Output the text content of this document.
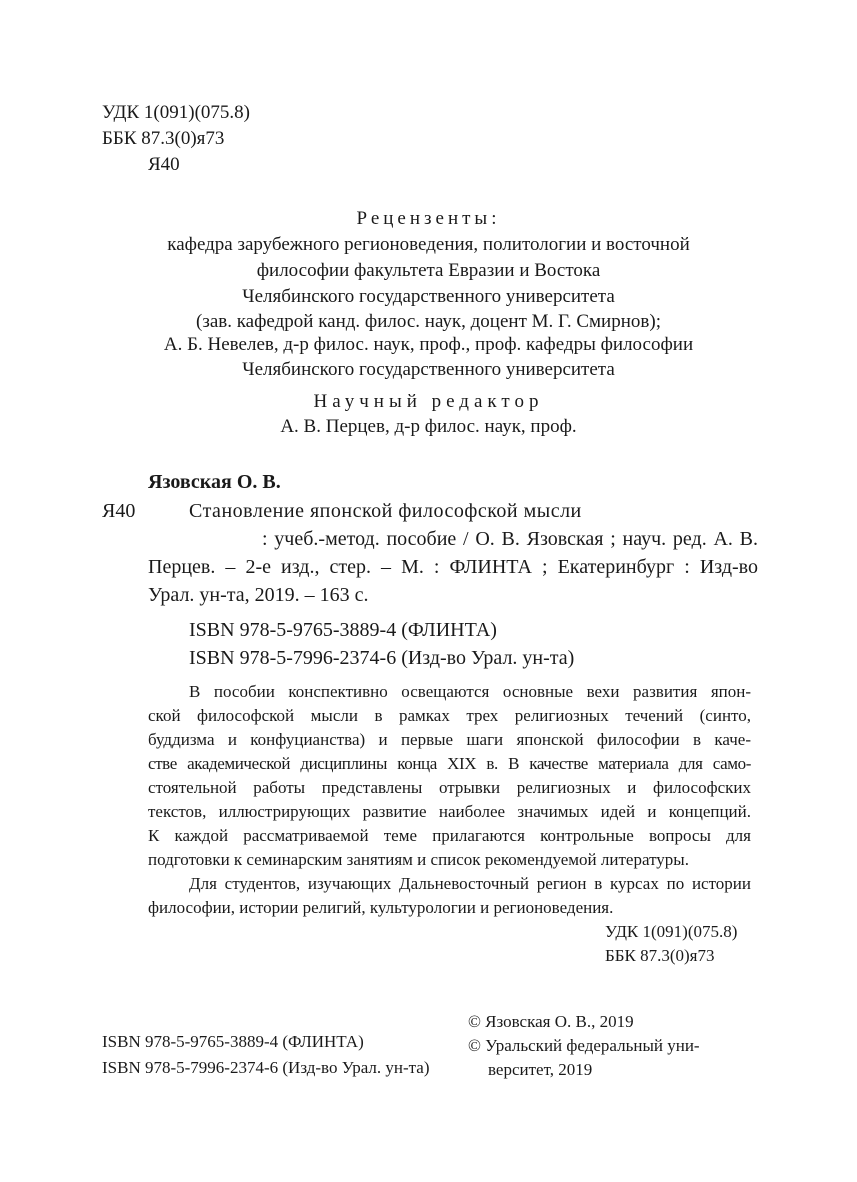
УДК 1(091)(075.8)
ББК 87.3(0)я73
Я40
Рецензенты:
кафедра зарубежного регионоведения, политологии и восточной
философии факультета Евразии и Востока
Челябинского государственного университета
(зав. кафедрой канд. филос. наук, доцент М. Г. Смирнов);
А. Б. Невелев, д-р филос. наук, проф., проф. кафедры философии
Челябинского государственного университета
Научный редактор
А. В. Перцев, д-р филос. наук, проф.
Язовская О. В.
Я40	Становление японской философской мысли
: учеб.-метод. пособие / О. В. Язовская ; науч. ред. А. В.
Перцев. – 2-е изд., стер. – М. : ФЛИНТА ; Екатеринбург : Изд-во
Урал. ун-та, 2019. – 163 с.
ISBN 978-5-9765-3889-4 (ФЛИНТА)
ISBN 978-5-7996-2374-6 (Изд-во Урал. ун-та)
В пособии конспективно освещаются основные вехи развития япон-
ской философской мысли в рамках трех религиозных течений (синто,
буддизма и конфуцианства) и первые шаги японской философии в каче-
стве академической дисциплины конца XIX в. В качестве материала для само-
стоятельной работы представлены отрывки религиозных и философских
текстов, иллюстрирующих развитие наиболее значимых идей и концепций.
К каждой рассматриваемой теме прилагаются контрольные вопросы для
подготовки к семинарским занятиям и список рекомендуемой литературы.
Для студентов, изучающих Дальневосточный регион в курсах по истории
философии, истории религий, культурологии и регионоведения.
УДК 1(091)(075.8)
ББК 87.3(0)я73
ISBN 978-5-9765-3889-4 (ФЛИНТА)
ISBN 978-5-7996-2374-6 (Изд-во Урал. ун-та)
© Язовская О. В., 2019
© Уральский федеральный уни-
верситет, 2019
